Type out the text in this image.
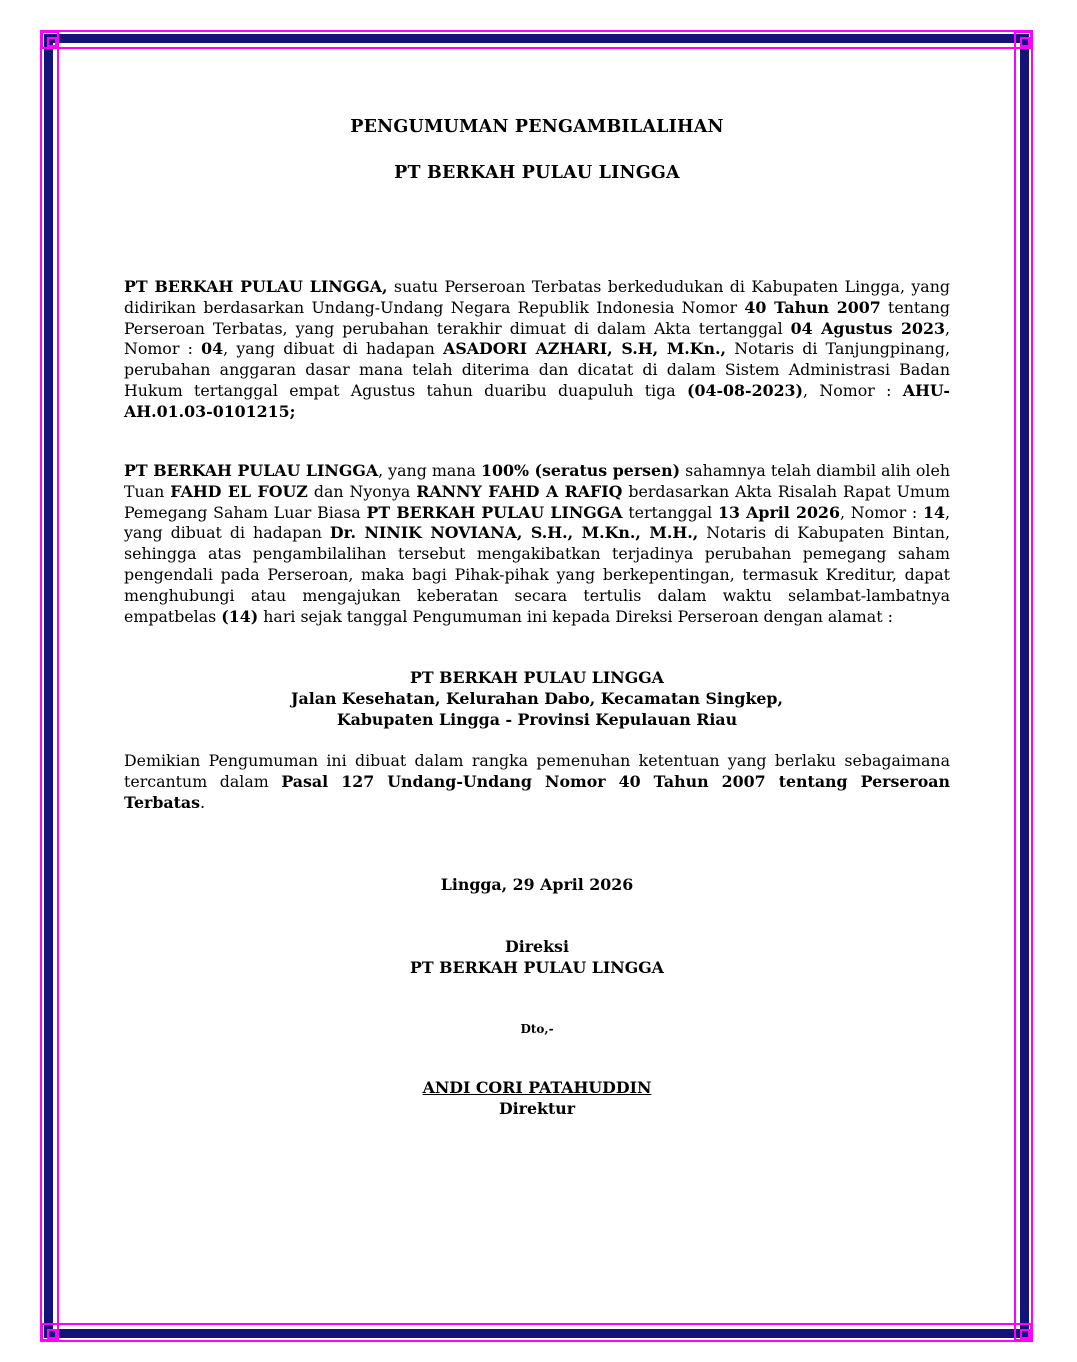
PENGUMUMAN PENGAMBILALIHAN
PT BERKAH PULAU LINGGA
PT BERKAH PULAU LINGGA, suatu Perseroan Terbatas berkedudukan di Kabupaten Lingga, yang didirikan berdasarkan Undang-Undang Negara Republik Indonesia Nomor 40 Tahun 2007 tentang Perseroan Terbatas, yang perubahan terakhir dimuat di dalam Akta tertanggal 04 Agustus 2023, Nomor : 04, yang dibuat di hadapan ASADORI AZHARI, S.H, M.Kn., Notaris di Tanjungpinang, perubahan anggaran dasar mana telah diterima dan dicatat di dalam Sistem Administrasi Badan Hukum tertanggal empat Agustus tahun duaribu duapuluh tiga (04-08-2023), Nomor : AHU-AH.01.03-0101215;
PT BERKAH PULAU LINGGA, yang mana 100% (seratus persen) sahamnya telah diambil alih oleh Tuan FAHD EL FOUZ dan Nyonya RANNY FAHD A RAFIQ berdasarkan Akta Risalah Rapat Umum Pemegang Saham Luar Biasa PT BERKAH PULAU LINGGA tertanggal 13 April 2026, Nomor : 14, yang dibuat di hadapan Dr. NINIK NOVIANA, S.H., M.Kn., M.H., Notaris di Kabupaten Bintan, sehingga atas pengambilalihan tersebut mengakibatkan terjadinya perubahan pemegang saham pengendali pada Perseroan, maka bagi Pihak-pihak yang berkepentingan, termasuk Kreditur, dapat menghubungi atau mengajukan keberatan secara tertulis dalam waktu selambat-lambatnya empatbelas (14) hari sejak tanggal Pengumuman ini kepada Direksi Perseroan dengan alamat :
PT BERKAH PULAU LINGGA
Jalan Kesehatan, Kelurahan Dabo, Kecamatan Singkep,
Kabupaten Lingga - Provinsi Kepulauan Riau
Demikian Pengumuman ini dibuat dalam rangka pemenuhan ketentuan yang berlaku sebagaimana tercantum dalam Pasal 127 Undang-Undang Nomor 40 Tahun 2007 tentang Perseroan Terbatas.
Lingga, 29 April 2026
Direksi
PT BERKAH PULAU LINGGA
Dto,-
ANDI CORI PATAHUDDIN
Direktur
